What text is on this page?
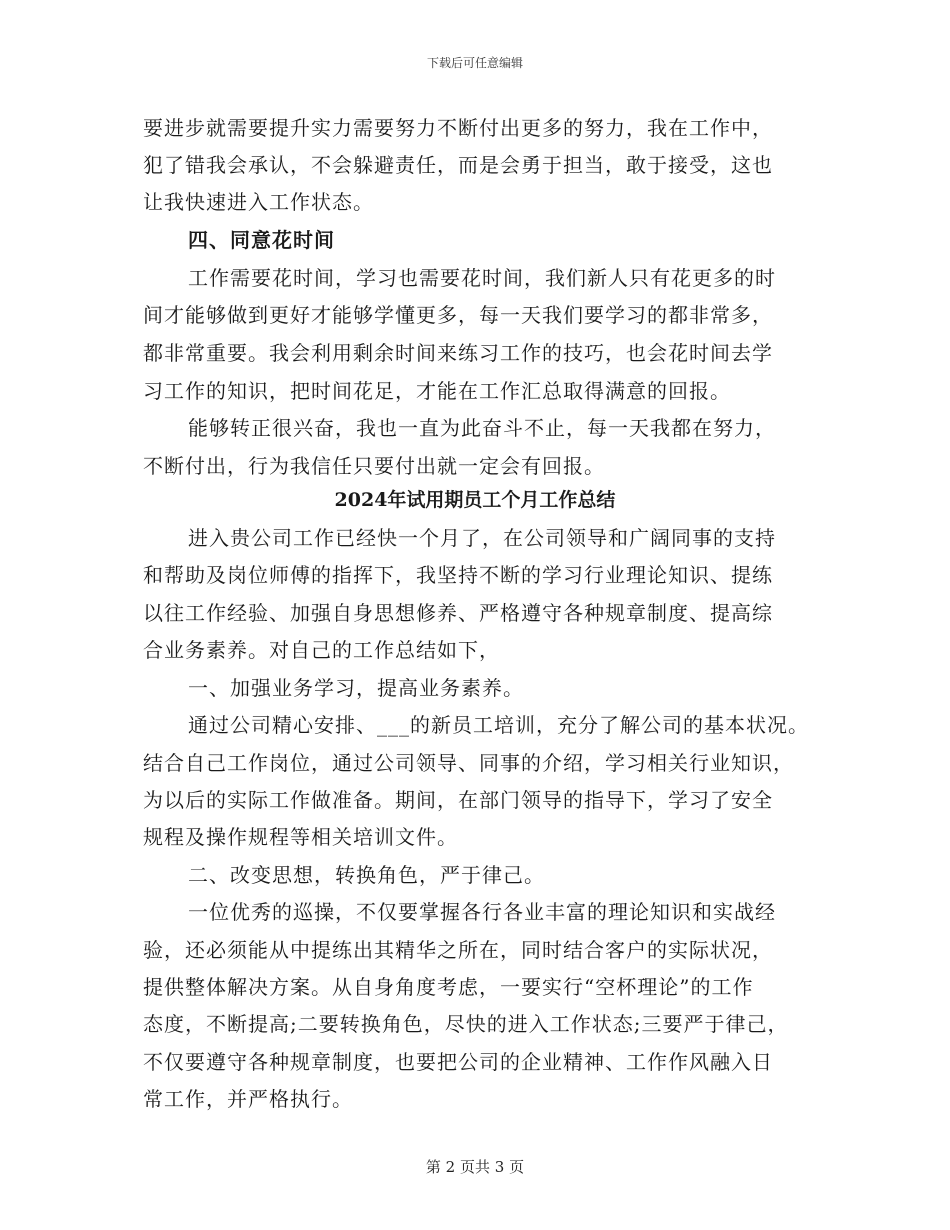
下载后可任意编辑
要进步就需要提升实力需要努力不断付出更多的努力，我在工作中，
犯了错我会承认，不会躲避责任，而是会勇于担当，敢于接受，这也
让我快速进入工作状态。
四、同意花时间
工作需要花时间，学习也需要花时间，我们新人只有花更多的时
间才能够做到更好才能够学懂更多，每一天我们要学习的都非常多，
都非常重要。我会利用剩余时间来练习工作的技巧，也会花时间去学
习工作的知识，把时间花足，才能在工作汇总取得满意的回报。
能够转正很兴奋，我也一直为此奋斗不止，每一天我都在努力，
不断付出，行为我信任只要付出就一定会有回报。
2024年试用期员工个月工作总结
进入贵公司工作已经快一个月了，在公司领导和广阔同事的支持
和帮助及岗位师傅的指挥下，我坚持不断的学习行业理论知识、提练
以往工作经验、加强自身思想修养、严格遵守各种规章制度、提高综
合业务素养。对自己的工作总结如下，
一、加强业务学习，提高业务素养。
通过公司精心安排、___的新员工培训，充分了解公司的基本状况。
结合自己工作岗位，通过公司领导、同事的介绍，学习相关行业知识，
为以后的实际工作做准备。期间，在部门领导的指导下，学习了安全
规程及操作规程等相关培训文件。
二、改变思想，转换角色，严于律己。
一位优秀的巡操，不仅要掌握各行各业丰富的理论知识和实战经
验，还必须能从中提练出其精华之所在，同时结合客户的实际状况，
提供整体解决方案。从自身角度考虑，一要实行“空杯理论”的工作
态度，不断提高;二要转换角色，尽快的进入工作状态;三要严于律己，
不仅要遵守各种规章制度，也要把公司的企业精神、工作作风融入日
常工作，并严格执行。
第 2 页共 3 页
